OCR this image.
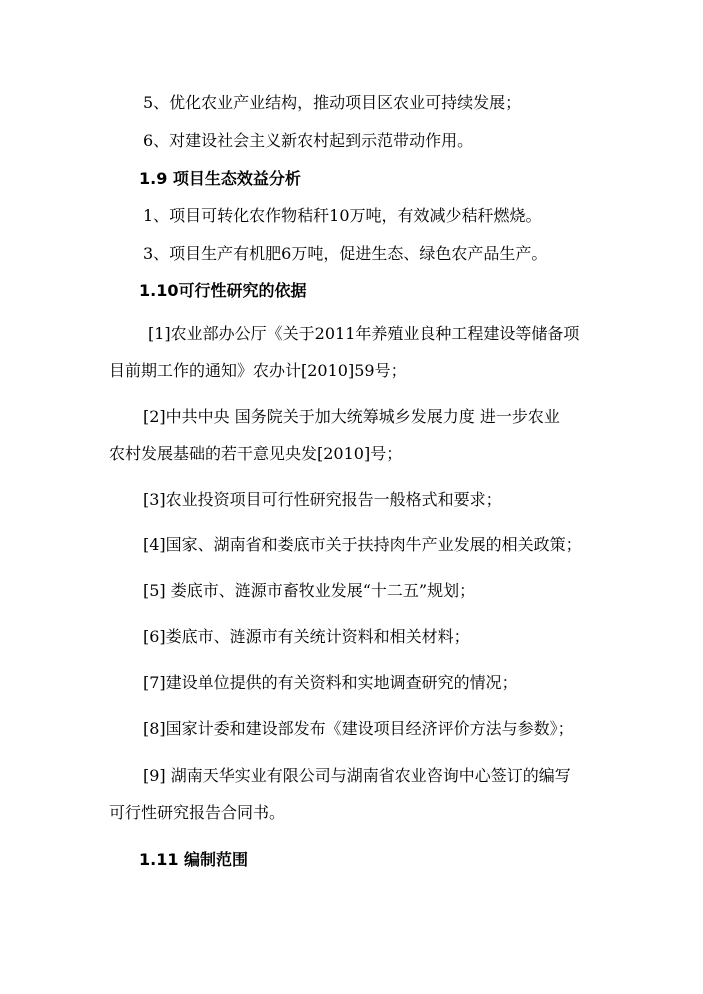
5、优化农业产业结构，推动项目区农业可持续发展；
6、对建设社会主义新农村起到示范带动作用。
1.9 项目生态效益分析
1、项目可转化农作物秸秆10万吨，有效减少秸秆燃烧。
3、项目生产有机肥6万吨，促进生态、绿色农产品生产。
1.10可行性研究的依据
[1]农业部办公厅《关于2011年养殖业良种工程建设等储备项
目前期工作的通知》农办计[2010]59号；
[2]中共中央 国务院关于加大统筹城乡发展力度 进一步农业
农村发展基础的若干意见央发[2010]号；
[3]农业投资项目可行性研究报告一般格式和要求；
[4]国家、湖南省和娄底市关于扶持肉牛产业发展的相关政策；
[5] 娄底市、涟源市畜牧业发展“十二五”规划；
[6]娄底市、涟源市有关统计资料和相关材料；
[7]建设单位提供的有关资料和实地调查研究的情况；
[8]国家计委和建设部发布《建设项目经济评价方法与参数》；
[9] 湖南天华实业有限公司与湖南省农业咨询中心签订的编写
可行性研究报告合同书。
1.11 编制范围
